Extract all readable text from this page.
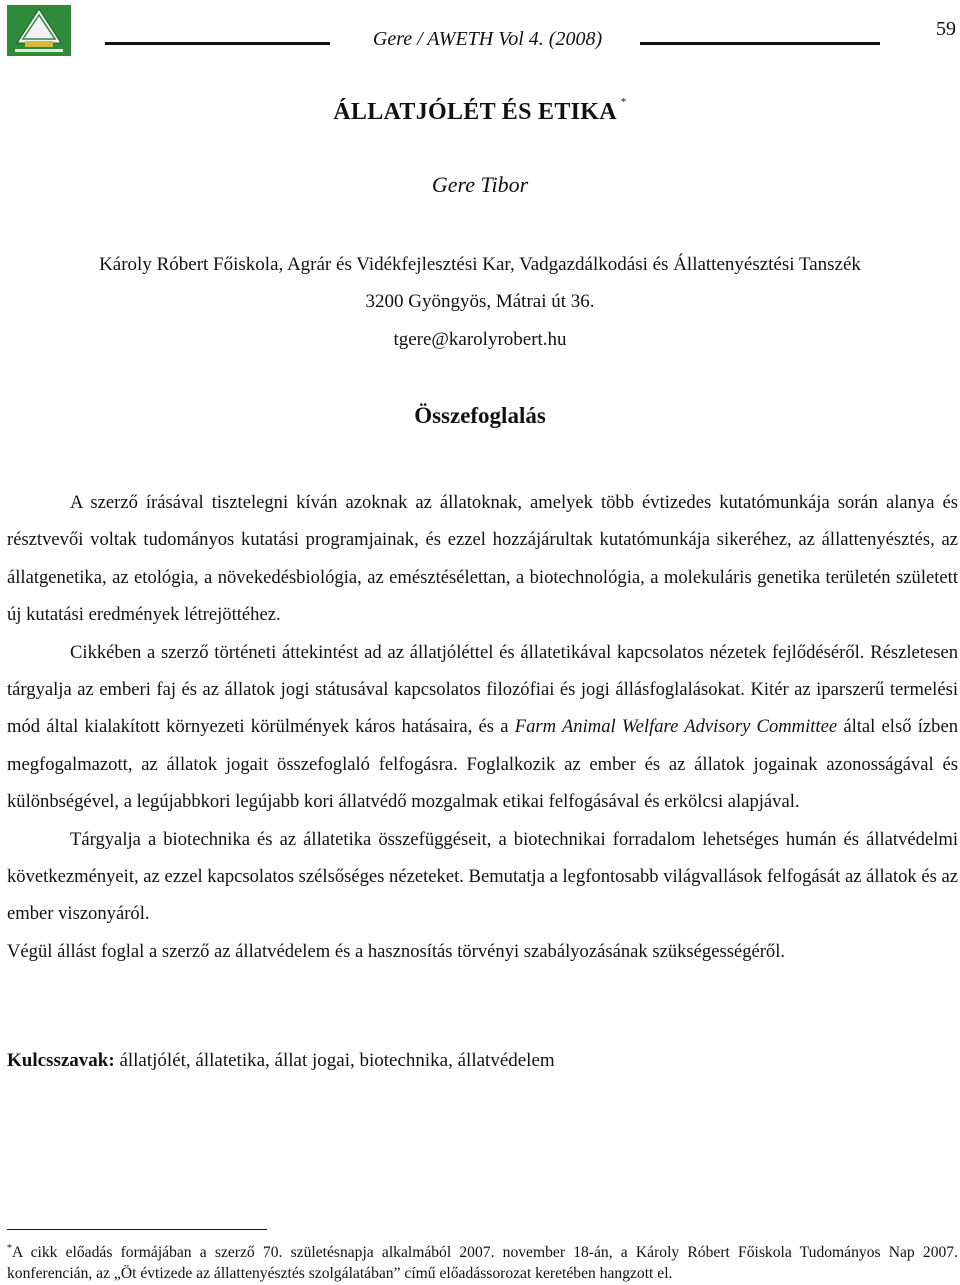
Gere / AWETH Vol 4. (2008)	59
ÁLLATJÓLÉT ÉS ETIKA *
Gere Tibor
Károly Róbert Főiskola, Agrár és Vidékfejlesztési Kar, Vadgazdálkodási és Állattenyésztési Tanszék
3200 Gyöngyös, Mátrai út 36.
tgere@karolyrobert.hu
Összefoglalás

A szerző írásával tisztelegni kíván azoknak az állatoknak, amelyek több évtizedes kutatómunkája során alanya és résztvevői voltak tudományos kutatási programjainak, és ezzel hozzájárultak kutatómunkája sikeréhez, az állattenyésztés, az állatgenetika, az etológia, a növekedésbiológia, az emésztésélettan, a biotechnológia, a molekuláris genetika területén született új kutatási eredmények létrejöttéhez.

Cikkében a szerző történeti áttekintést ad az állatjóléttel és állatetikával kapcsolatos nézetek fejlődéséről. Részletesen tárgyalja az emberi faj és az állatok jogi státusával kapcsolatos filozófiai és jogi állásfoglalásokat. Kitér az iparszerű termelési mód által kialakított környezeti körülmények káros hatásaira, és a Farm Animal Welfare Advisory Committee által első ízben megfogalmazott, az állatok jogait összefoglaló felfogásra. Foglalkozik az ember és az állatok jogainak azonosságával és különbségével, a legújabbkori legújabb kori állatvédő mozgalmak etikai felfogásával és erkölcsi alapjával.

Tárgyalja a biotechnika és az állatetika összefüggéseit, a biotechnikai forradalom lehetséges humán és állatvédelmi következményeit, az ezzel kapcsolatos szélsőséges nézeteket. Bemutatja a legfontosabb világvallások felfogását az állatok és az ember viszonyáról.

Végül állást foglal a szerző az állatvédelem és a hasznosítás törvényi szabályozásának szükségességéről.

Kulcsszavak: állatjólét, állatetika, állat jogai, biotechnika, állatvédelem
*A cikk előadás formájában a szerző 70. születésnapja alkalmából 2007. november 18-án, a Károly Róbert Főiskola Tudományos Nap 2007. konferencián, az „Öt évtizede az állattenyésztés szolgálatában” című előadássorozat keretében hangzott el.
